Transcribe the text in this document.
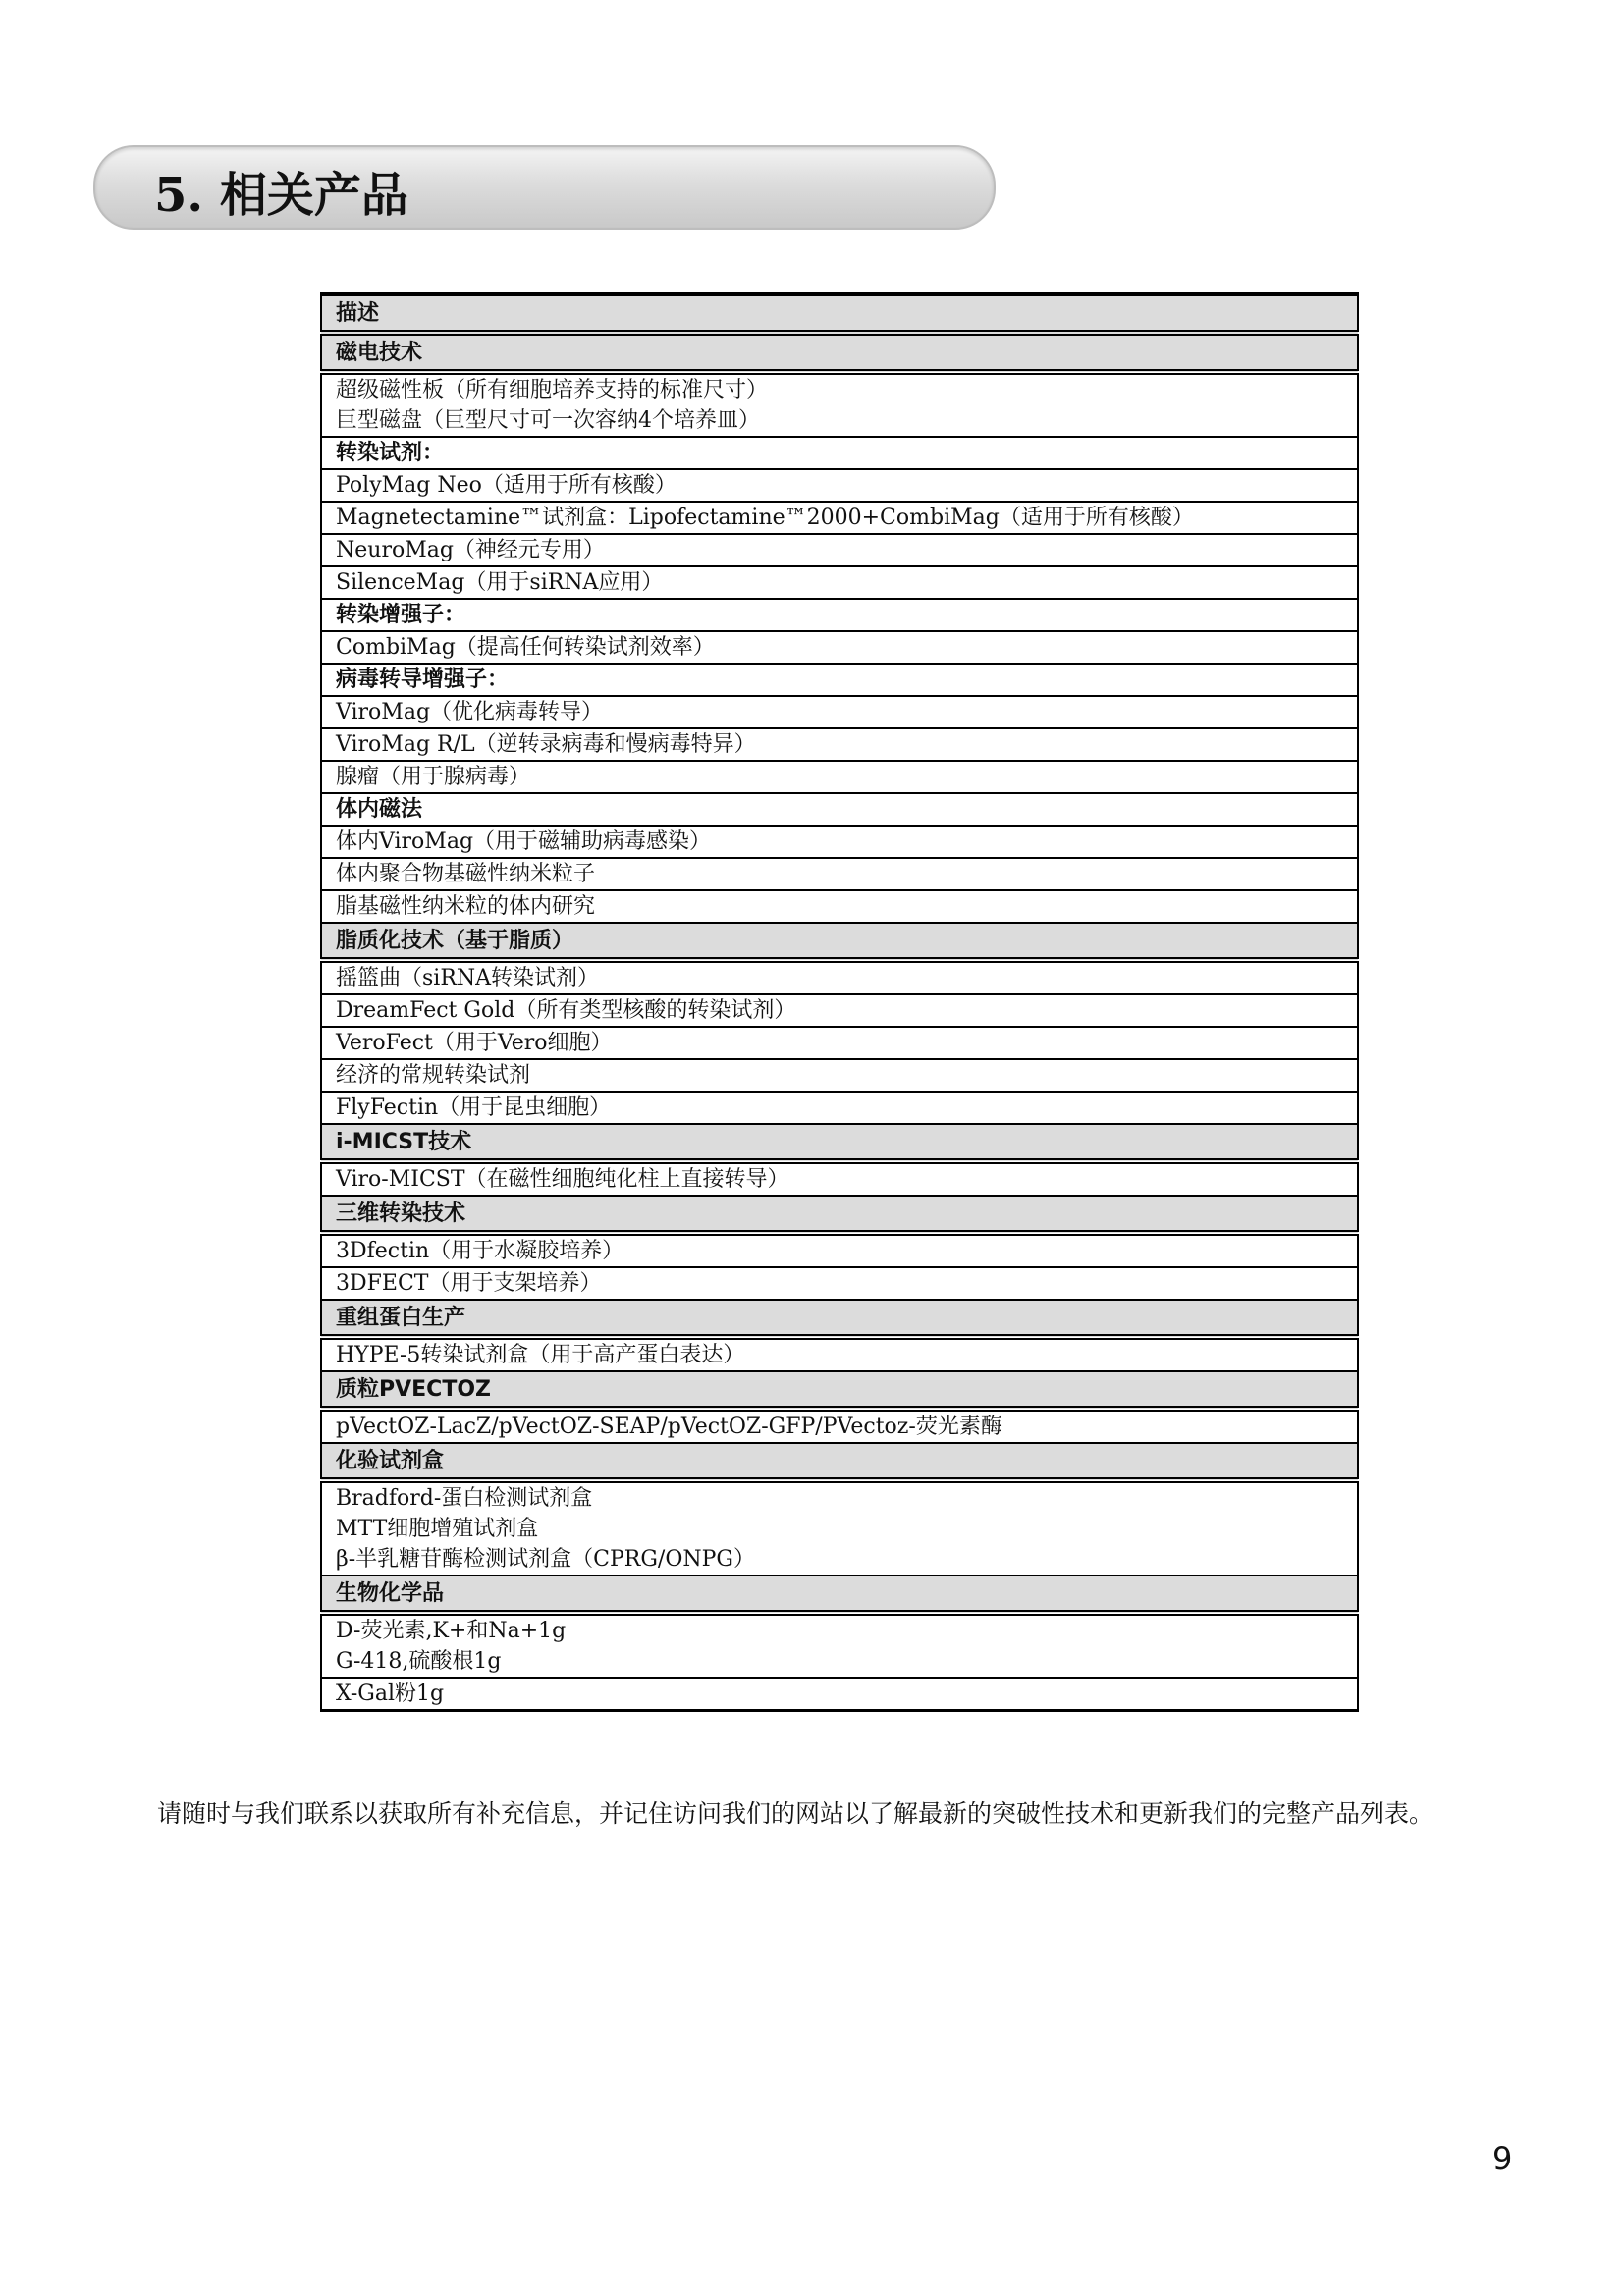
5. 相关产品
描述

磁电技术

超级磁性板（所有细胞培养支持的标准尺寸）
巨型磁盘（巨型尺寸可一次容纳4个培养皿）

转染试剂：

PolyMag Neo（适用于所有核酸）

Magnetectamine™试剂盒：Lipofectamine™2000+CombiMag（适用于所有核酸）

NeuroMag（神经元专用）

SilenceMag（用于siRNA应用）

转染增强子：

CombiMag（提高任何转染试剂效率）

病毒转导增强子：

ViroMag（优化病毒转导）

ViroMag R/L（逆转录病毒和慢病毒特异）

腺瘤（用于腺病毒）

体内磁法

体内ViroMag（用于磁辅助病毒感染）

体内聚合物基磁性纳米粒子

脂基磁性纳米粒的体内研究

脂质化技术（基于脂质）

摇篮曲（siRNA转染试剂）

DreamFect Gold（所有类型核酸的转染试剂）

VeroFect（用于Vero细胞）

经济的常规转染试剂

FlyFectin（用于昆虫细胞）

i-MICST技术

Viro-MICST（在磁性细胞纯化柱上直接转导）

三维转染技术

3Dfectin（用于水凝胶培养）

3DFECT（用于支架培养）

重组蛋白生产

HYPE-5转染试剂盒（用于高产蛋白表达）

质粒PVECTOZ

pVectOZ-LacZ/pVectOZ-SEAP/pVectOZ-GFP/PVectoz-荧光素酶

化验试剂盒

Bradford-蛋白检测试剂盒
MTT细胞增殖试剂盒
β-半乳糖苷酶检测试剂盒（CPRG/ONPG）

生物化学品

D-荧光素,K+和Na+1g
G-418,硫酸根1g

X-Gal粉1g
请随时与我们联系以获取所有补充信息，并记住访问我们的网站以了解最新的突破性技术和更新我们的完整产品列表。
9
